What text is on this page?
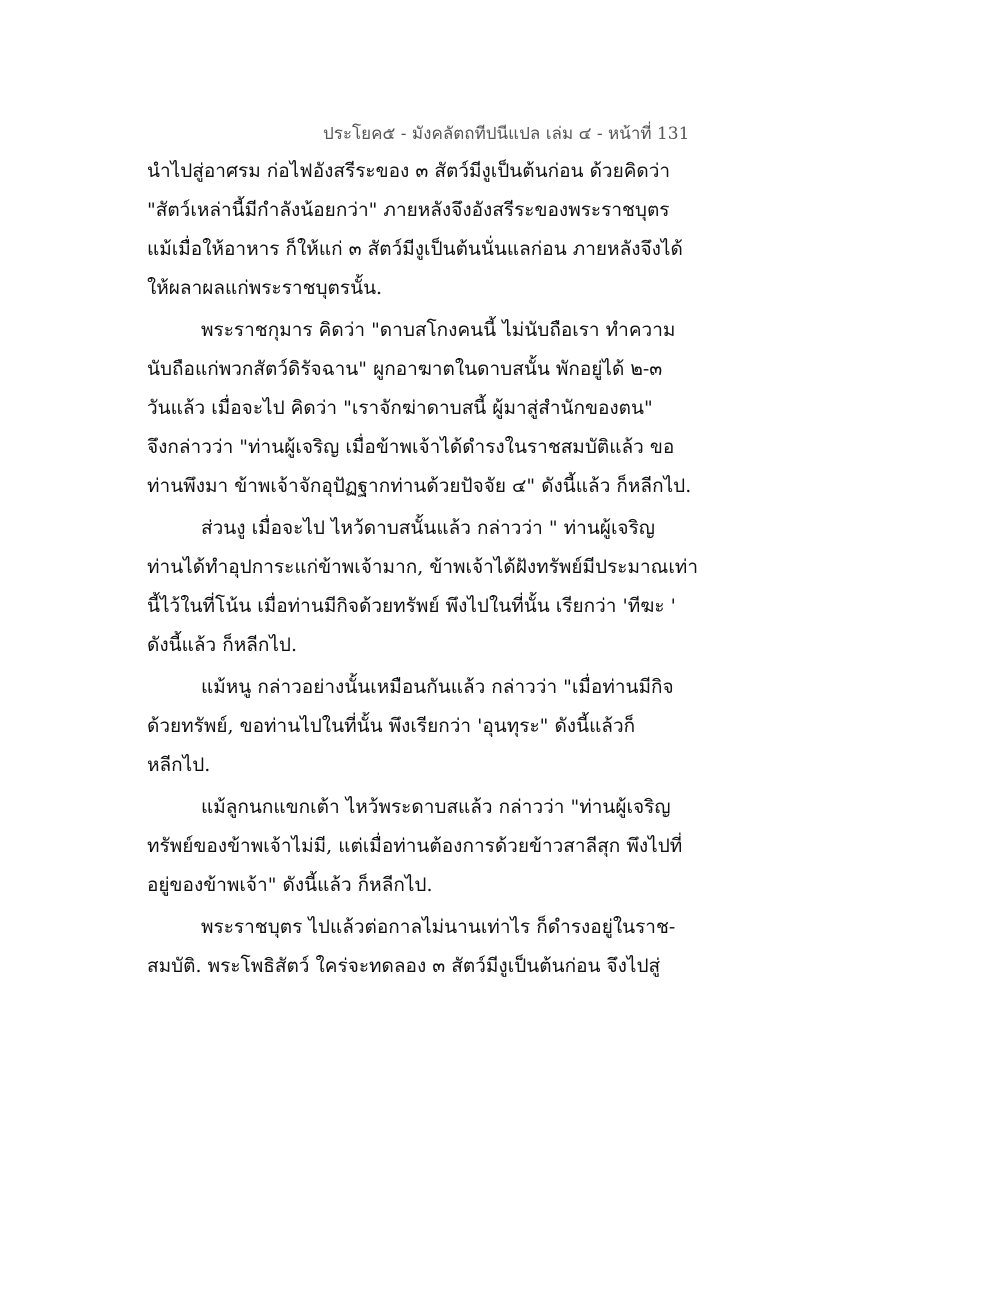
ประโยค๕ - มังคลัตถทีปนีแปล เล่ม ๔ - หน้าที่ 131
นำไปสู่อาศรม ก่อไฟอังสรีระของ ๓ สัตว์มีงูเป็นต้นก่อน ด้วยคิดว่า
"สัตว์เหล่านี้มีกำลังน้อยกว่า" ภายหลังจึงอังสรีระของพระราชบุตร
แม้เมื่อให้อาหาร ก็ให้แก่ ๓ สัตว์มีงูเป็นต้นนั่นแลก่อน ภายหลังจึงได้
ให้ผลาผลแก่พระราชบุตรนั้น.
พระราชกุมาร คิดว่า "ดาบสโกงคนนี้ ไม่นับถือเรา ทำความ
นับถือแก่พวกสัตว์ดิรัจฉาน" ผูกอาฆาตในดาบสนั้น พักอยู่ได้ ๒-๓
วันแล้ว เมื่อจะไป คิดว่า "เราจักฆ่าดาบสนี้ ผู้มาสู่สำนักของตน"
จึงกล่าวว่า "ท่านผู้เจริญ เมื่อข้าพเจ้าได้ดำรงในราชสมบัติแล้ว ขอ
ท่านพึงมา ข้าพเจ้าจักอุปัฏฐากท่านด้วยปัจจัย ๔" ดังนี้แล้ว ก็หลีกไป.
ส่วนงู เมื่อจะไป ไหว้ดาบสนั้นแล้ว กล่าวว่า " ท่านผู้เจริญ
ท่านได้ทำอุปการะแก่ข้าพเจ้ามาก, ข้าพเจ้าได้ฝังทรัพย์มีประมาณเท่า
นี้ไว้ในที่โน้น เมื่อท่านมีกิจด้วยทรัพย์ พึงไปในที่นั้น เรียกว่า 'ทีฆะ '
ดังนี้แล้ว ก็หลีกไป.
แม้หนู กล่าวอย่างนั้นเหมือนกันแล้ว กล่าวว่า "เมื่อท่านมีกิจ
ด้วยทรัพย์, ขอท่านไปในที่นั้น พึงเรียกว่า 'อุนทุระ" ดังนี้แล้วก็
หลีกไป.
แม้ลูกนกแขกเต้า ไหว้พระดาบสแล้ว กล่าวว่า "ท่านผู้เจริญ
ทรัพย์ของข้าพเจ้าไม่มี, แต่เมื่อท่านต้องการด้วยข้าวสาลีสุก พึงไปที่
อยู่ของข้าพเจ้า" ดังนี้แล้ว ก็หลีกไป.
พระราชบุตร ไปแล้วต่อกาลไม่นานเท่าไร ก็ดำรงอยู่ในราช-
สมบัติ. พระโพธิสัตว์ ใคร่จะทดลอง ๓ สัตว์มีงูเป็นต้นก่อน จึงไปสู่
